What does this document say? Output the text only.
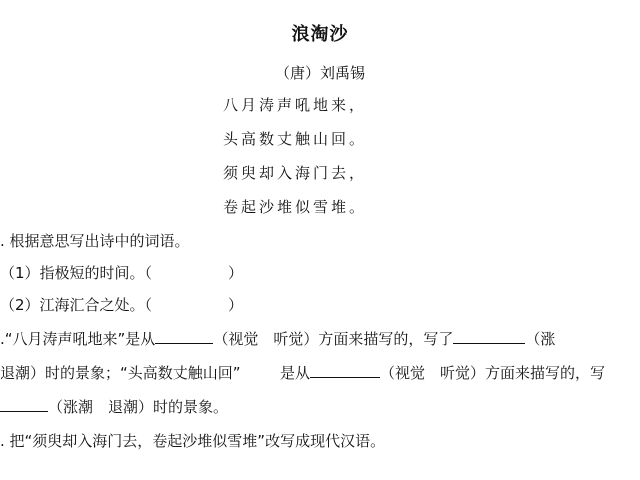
浪淘沙
（唐）刘禹锡
八月涛声吼地来，
头高数丈触山回。
须臾却入海门去，
卷起沙堆似雪堆。
. 根据意思写出诗中的词语。
（1）指极短的时间。（	）
（2）江海汇合之处。（	）
.“八月涛声吼地来”是从	（视觉　听觉）方面来描写的，写了	（涨
退潮）时的景象；“头高数丈触山回”	是从	（视觉　听觉）方面来描写的，写
（涨潮　退潮）时的景象。
. 把“须臾却入海门去，卷起沙堆似雪堆”改写成现代汉语。
